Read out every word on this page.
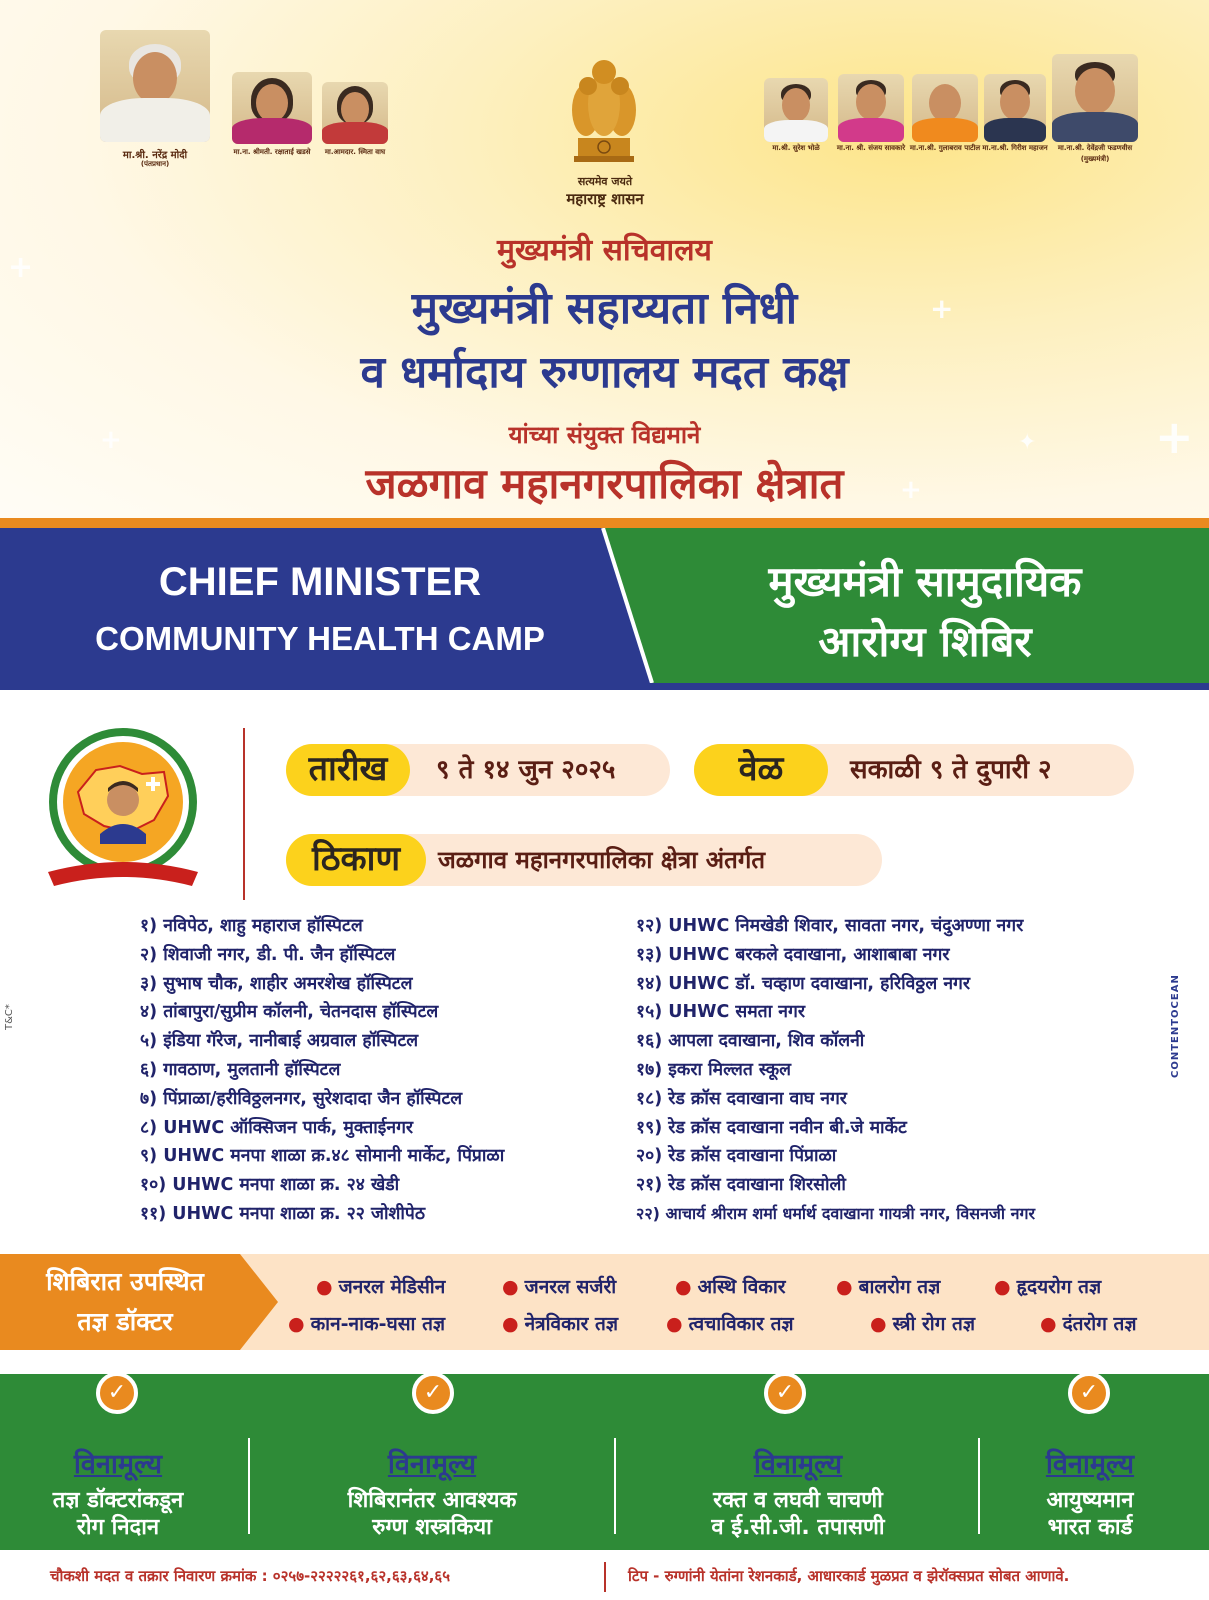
+
+
+
✦	+
+
मा.श्री. नरेंद्र मोदी
(पंतप्रधान)
मा.ना. श्रीमती. रक्षाताई खडसे	मा.आमदार. स्मिता वाघ
सत्यमेव जयते
महाराष्ट्र शासन
मा.श्री. सुरेश भोळे	मा.ना. श्री. संजय सावकारे मा.ना.श्री. गुलाबराव पाटील मा.ना.श्री. गिरीश महाजन	मा.ना.श्री. देवेंद्रजी फडणवीस
(मुख्यमंत्री)
मुख्यमंत्री सचिवालय
मुख्यमंत्री सहाय्यता निधी
व धर्मादाय रुग्णालय मदत कक्ष
यांच्या संयुक्त विद्यमाने
जळगाव महानगरपालिका क्षेत्रात
CHIEF MINISTER
COMMUNITY HEALTH CAMP
मुख्यमंत्री सामुदायिक
आरोग्य शिबिर
तारीख	९ ते १४ जुन २०२५	वेळ	सकाळी ९ ते दुपारी २
ठिकाण	जळगाव महानगरपालिका क्षेत्रा अंतर्गत
१) नविपेठ, शाहु महाराज हॉस्पिटल
२) शिवाजी नगर, डी. पी. जैन हॉस्पिटल
३) सुभाष चौक, शाहीर अमरशेख हॉस्पिटल
४) तांबापुरा/सुप्रीम कॉलनी, चेतनदास हॉस्पिटल
५) इंडिया गॅरेज, नानीबाई अग्रवाल हॉस्पिटल
६) गावठाण, मुलतानी हॉस्पिटल
७) पिंप्राळा/हरीविठ्ठलनगर, सुरेशदादा जैन हॉस्पिटल
८) UHWC ऑक्सिजन पार्क, मुक्ताईनगर
९) UHWC मनपा शाळा क्र.४८ सोमानी मार्केट, पिंप्राळा
१०) UHWC मनपा शाळा क्र. २४ खेडी
११) UHWC मनपा शाळा क्र. २२ जोशीपेठ
१२) UHWC निमखेडी शिवार, सावता नगर, चंदुअण्णा नगर
१३) UHWC बरकले दवाखाना, आशाबाबा नगर
१४) UHWC डॉ. चव्हाण दवाखाना, हरिविठ्ठल नगर
१५) UHWC समता नगर
१६) आपला दवाखाना, शिव कॉलनी
१७) इकरा मिल्लत स्कूल
१८) रेड क्रॉस दवाखाना वाघ नगर
१९) रेड क्रॉस दवाखाना नवीन बी.जे मार्केट
२०) रेड क्रॉस दवाखाना पिंप्राळा
२१) रेड क्रॉस दवाखाना शिरसोली
२२) आचार्य श्रीराम शर्मा धर्मार्थ दवाखाना गायत्री नगर, विसनजी नगर
T&C*	CONTENTOCEAN
शिबिरात उपस्थित
तज्ञ डॉक्टर
● जनरल मेडिसीन	● जनरल सर्जरी	● अस्थि विकार	● बालरोग तज्ञ	● हृदयरोग तज्ञ
● कान-नाक-घसा तज्ञ	● नेत्रविकार तज्ञ	● त्वचाविकार तज्ञ	● स्त्री रोग तज्ञ	● दंतरोग तज्ञ
✓	✓	✓	✓
विनामूल्य
तज्ञ डॉक्टरांकडून
रोग निदान
विनामूल्य
शिबिरानंतर आवश्यक
रुग्ण शस्त्रकिया
विनामूल्य
रक्त व लघवी चाचणी
व ई.सी.जी. तपासणी
विनामूल्य
आयुष्यमान
भारत कार्ड
चौकशी मदत व तक्रार निवारण क्रमांक : ०२५७-२२२२२६१,६२,६३,६४,६५	टिप - रुग्णांनी येतांना रेशनकार्ड, आधारकार्ड मुळप्रत व झेरॉक्सप्रत सोबत आणावे.
